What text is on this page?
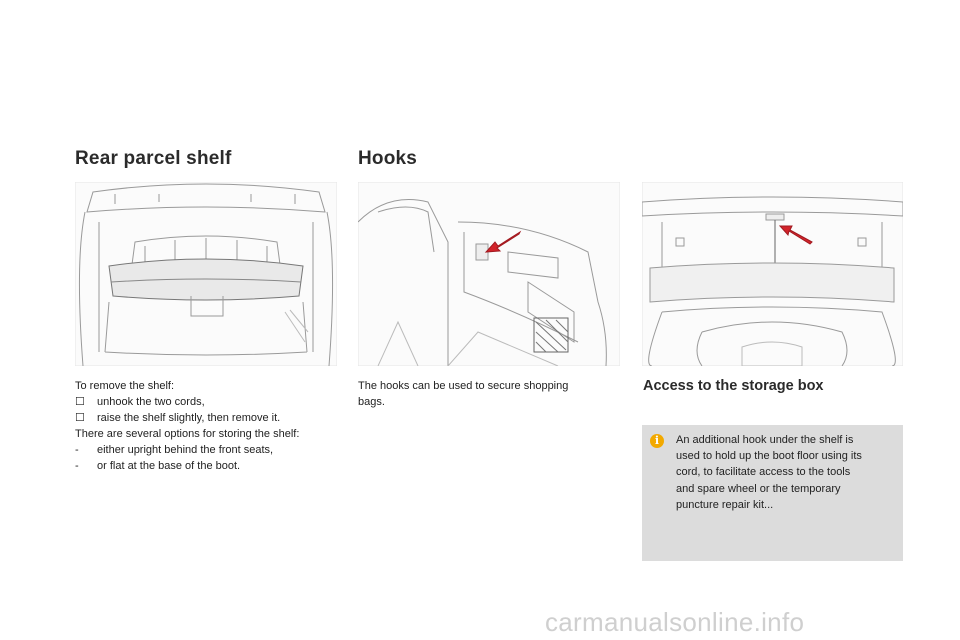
Rear parcel shelf
To remove the shelf:
☐ unhook the two cords,
☐ raise the shelf slightly, then remove it.
There are several options for storing the shelf:
- either upright behind the front seats,
- or flat at the base of the boot.
Hooks
The hooks can be used to secure shopping
bags.
Access to the storage box
i	An additional hook under the shelf is
used to hold up the boot floor using its
cord, to facilitate access to the tools
and spare wheel or the temporary
puncture repair kit...
carmanualsonline.info
